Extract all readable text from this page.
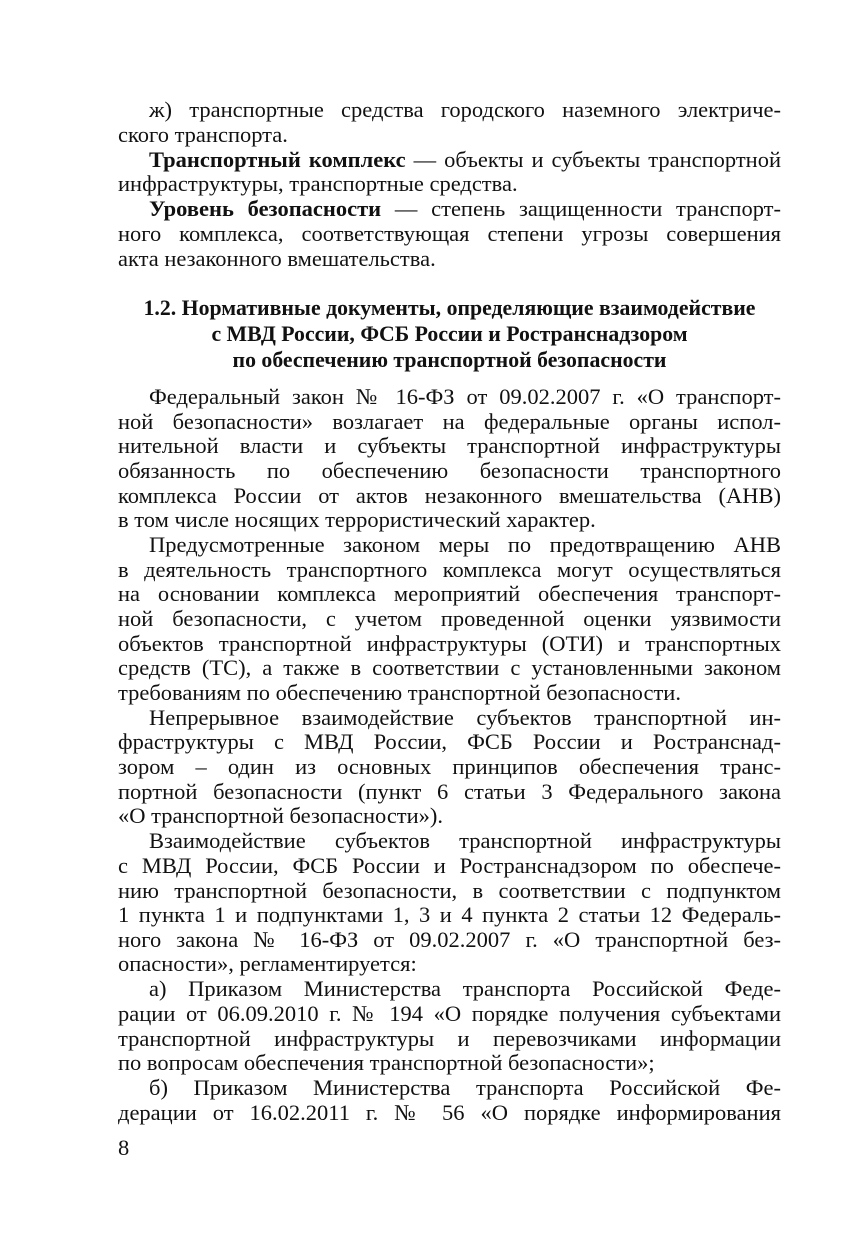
ж) транспортные средства городского наземного электриче-
ского транспорта.
Транспортный комплекс — объекты и субъекты транспортной
инфраструктуры, транспортные средства.
Уровень безопасности — степень защищенности транспорт-
ного комплекса, соответствующая степени угрозы совершения
акта незаконного вмешательства.
1.2. Нормативные документы, определяющие взаимодействие
с МВД России, ФСБ России и Ространснадзором
по обеспечению транспортной безопасности
Федеральный закон № 16-ФЗ от 09.02.2007 г. «О транспорт-
ной безопасности» возлагает на федеральные органы испол-
нительной власти и субъекты транспортной инфраструктуры
обязанность по обеспечению безопасности транспортного
комплекса России от актов незаконного вмешательства (АНВ)
в том числе носящих террористический характер.
Предусмотренные законом меры по предотвращению АНВ
в деятельность транспортного комплекса могут осуществляться
на основании комплекса мероприятий обеспечения транспорт-
ной безопасности, с учетом проведенной оценки уязвимости
объектов транспортной инфраструктуры (ОТИ) и транспортных
средств (ТС), а также в соответствии с установленными законом
требованиям по обеспечению транспортной безопасности.
Непрерывное взаимодействие субъектов транспортной ин-
фраструктуры с МВД России, ФСБ России и Ространснад-
зором – один из основных принципов обеспечения транс-
портной безопасности (пункт 6 статьи 3 Федерального закона
«О транспортной безопасности»).
Взаимодействие субъектов транспортной инфраструктуры
с МВД России, ФСБ России и Ространснадзором по обеспече-
нию транспортной безопасности, в соответствии с подпунктом
1 пункта 1 и подпунктами 1, 3 и 4 пункта 2 статьи 12 Федераль-
ного закона № 16-ФЗ от 09.02.2007 г. «О транспортной без-
опасности», регламентируется:
а) Приказом Министерства транспорта Российской Феде-
рации от 06.09.2010 г. № 194 «О порядке получения субъектами
транспортной инфраструктуры и перевозчиками информации
по вопросам обеспечения транспортной безопасности»;
б) Приказом Министерства транспорта Российской Фе-
дерации от 16.02.2011 г. № 56 «О порядке информирования
8
